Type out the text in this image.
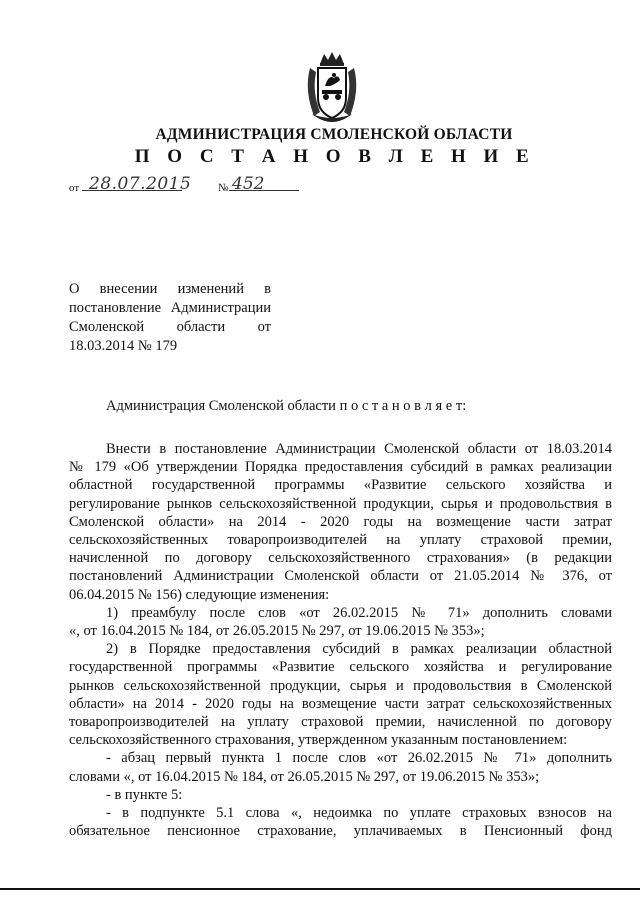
АДМИНИСТРАЦИЯ СМОЛЕНСКОЙ ОБЛАСТИ
П О С Т А Н О В Л Е Н И Е
от 28.07.2015 № 452
О внесении изменений в
постановление Администрации
Смоленской области от
18.03.2014 № 179
Администрация Смоленской области п о с т а н о в л я е т:
Внести в постановление Администрации Смоленской области от 18.03.2014
№ 179 «Об утверждении Порядка предоставления субсидий в рамках реализации
областной государственной программы «Развитие сельского хозяйства и
регулирование рынков сельскохозяйственной продукции, сырья и продовольствия в
Смоленской области» на 2014 - 2020 годы на возмещение части затрат
сельскохозяйственных товаропроизводителей на уплату страховой премии,
начисленной по договору сельскохозяйственного страхования» (в редакции
постановлений Администрации Смоленской области от 21.05.2014 № 376, от
06.04.2015 № 156) следующие изменения:
1) преамбулу после слов «от 26.02.2015 № 71» дополнить словами
«, от 16.04.2015 № 184, от 26.05.2015 № 297, от 19.06.2015 № 353»;
2) в Порядке предоставления субсидий в рамках реализации областной
государственной программы «Развитие сельского хозяйства и регулирование
рынков сельскохозяйственной продукции, сырья и продовольствия в Смоленской
области» на 2014 - 2020 годы на возмещение части затрат сельскохозяйственных
товаропроизводителей на уплату страховой премии, начисленной по договору
сельскохозяйственного страхования, утвержденном указанным постановлением:
- абзац первый пункта 1 после слов «от 26.02.2015 № 71» дополнить
словами «, от 16.04.2015 № 184, от 26.05.2015 № 297, от 19.06.2015 № 353»;
- в пункте 5:
- в подпункте 5.1 слова «, недоимка по уплате страховых взносов на
обязательное пенсионное страхование, уплачиваемых в Пенсионный фонд
